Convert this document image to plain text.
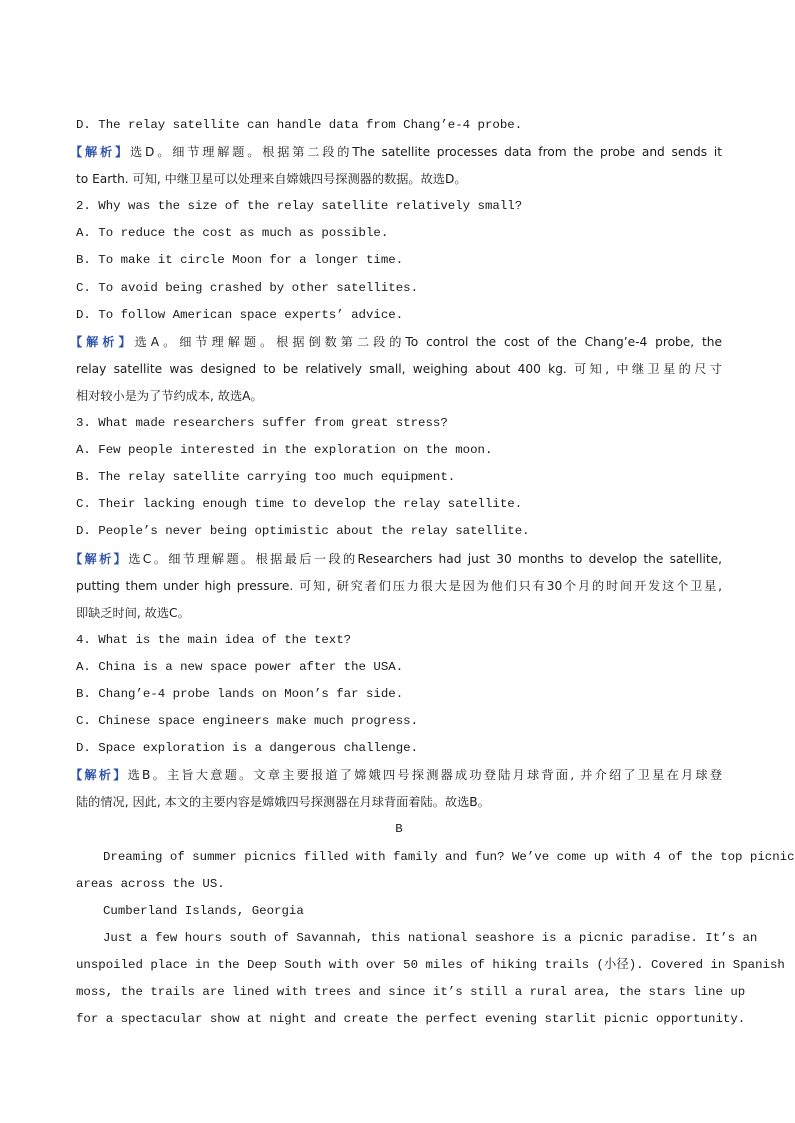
D. The relay satellite can handle data from Chang’e-4 probe.
【解析】选D。细节理解题。根据第二段的The satellite processes data from the probe and sends it
to Earth. 可知, 中继卫星可以处理来自嫦娥四号探测器的数据。故选D。
2. Why was the size of the relay satellite relatively small?
A. To reduce the cost as much as possible.
B. To make it circle Moon for a longer time.
C. To avoid being crashed by other satellites.
D. To follow American space experts’ advice.
【解析】选A。细节理解题。根据倒数第二段的To control the cost of the Chang’e-4 probe, the
relay satellite was designed to be relatively small, weighing about 400 kg. 可知, 中继卫星的尺寸
相对较小是为了节约成本, 故选A。
3. What made researchers suffer from great stress?
A. Few people interested in the exploration on the moon.
B. The relay satellite carrying too much equipment.
C. Their lacking enough time to develop the relay satellite.
D. People’s never being optimistic about the relay satellite.
【解析】选C。细节理解题。根据最后一段的Researchers had just 30 months to develop the satellite,
putting them under high pressure. 可知, 研究者们压力很大是因为他们只有30个月的时间开发这个卫星,
即缺乏时间, 故选C。
4. What is the main idea of the text?
A. China is a new space power after the USA.
B. Chang’e-4 probe lands on Moon’s far side.
C. Chinese space engineers make much progress.
D. Space exploration is a dangerous challenge.
【解析】选B。主旨大意题。文章主要报道了嫦娥四号探测器成功登陆月球背面, 并介绍了卫星在月球登
陆的情况, 因此, 本文的主要内容是嫦娥四号探测器在月球背面着陆。故选B。
B
Dreaming of summer picnics filled with family and fun? We’ve come up with 4 of the top picnic
areas across the US.
Cumberland Islands, Georgia
Just a few hours south of Savannah, this national seashore is a picnic paradise. It’s an
unspoiled place in the Deep South with over 50 miles of hiking trails (小径). Covered in Spanish
moss, the trails are lined with trees and since it’s still a rural area, the stars line up
for a spectacular show at night and create the perfect evening starlit picnic opportunity.
